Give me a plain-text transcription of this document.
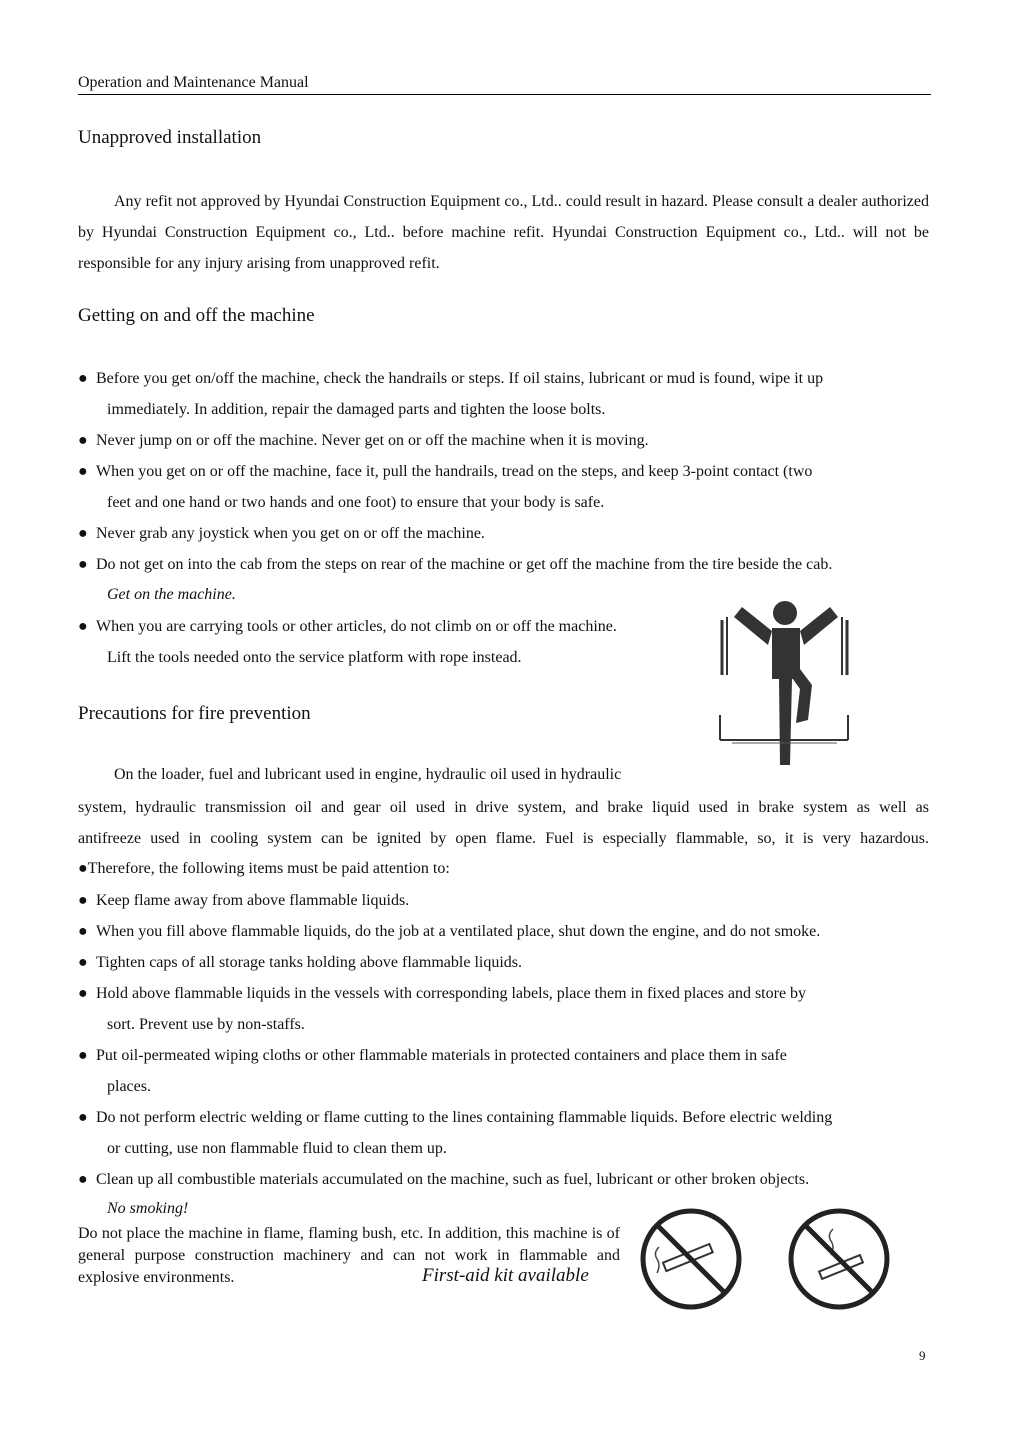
Operation and Maintenance Manual
Unapproved installation
Any refit not approved by Hyundai Construction Equipment co., Ltd.. could result in hazard. Please consult a dealer authorized by Hyundai Construction Equipment co., Ltd.. before machine refit. Hyundai Construction Equipment co., Ltd.. will not be responsible for any injury arising from unapproved refit.
Getting on and off the machine
● Before you get on/off the machine, check the handrails or steps. If oil stains, lubricant or mud is found, wipe it up
immediately. In addition, repair the damaged parts and tighten the loose bolts.
● Never jump on or off the machine. Never get on or off the machine when it is moving.
● When you get on or off the machine, face it, pull the handrails, tread on the steps, and keep 3-point contact (two
feet and one hand or two hands and one foot) to ensure that your body is safe.
● Never grab any joystick when you get on or off the machine.
● Do not get on into the cab from the steps on rear of the machine or get off the machine from the tire beside the cab.
Get on the machine.
● When you are carrying tools or other articles, do not climb on or off the machine.
Lift the tools needed onto the service platform with rope instead.
Precautions for fire prevention
On the loader, fuel and lubricant used in engine, hydraulic oil used in hydraulic
system, hydraulic transmission oil and gear oil used in drive system, and brake liquid used in brake system as well as
antifreeze used in cooling system can be ignited by open flame. Fuel is especially flammable, so, it is very hazardous.
●Therefore, the following items must be paid attention to:
● Keep flame away from above flammable liquids.
● When you fill above flammable liquids, do the job at a ventilated place, shut down the engine, and do not smoke.
● Tighten caps of all storage tanks holding above flammable liquids.
● Hold above flammable liquids in the vessels with corresponding labels, place them in fixed places and store by
sort. Prevent use by non-staffs.
● Put oil-permeated wiping cloths or other flammable materials in protected containers and place them in safe
places.
● Do not perform electric welding or flame cutting to the lines containing flammable liquids. Before electric welding
or cutting, use non flammable fluid to clean them up.
● Clean up all combustible materials accumulated on the machine, such as fuel, lubricant or other broken objects.
No smoking!
Do not place the machine in flame, flaming bush, etc. In addition, this machine is of general purpose construction machinery and can not work in flammable and explosive environments.	First-aid kit available
9
